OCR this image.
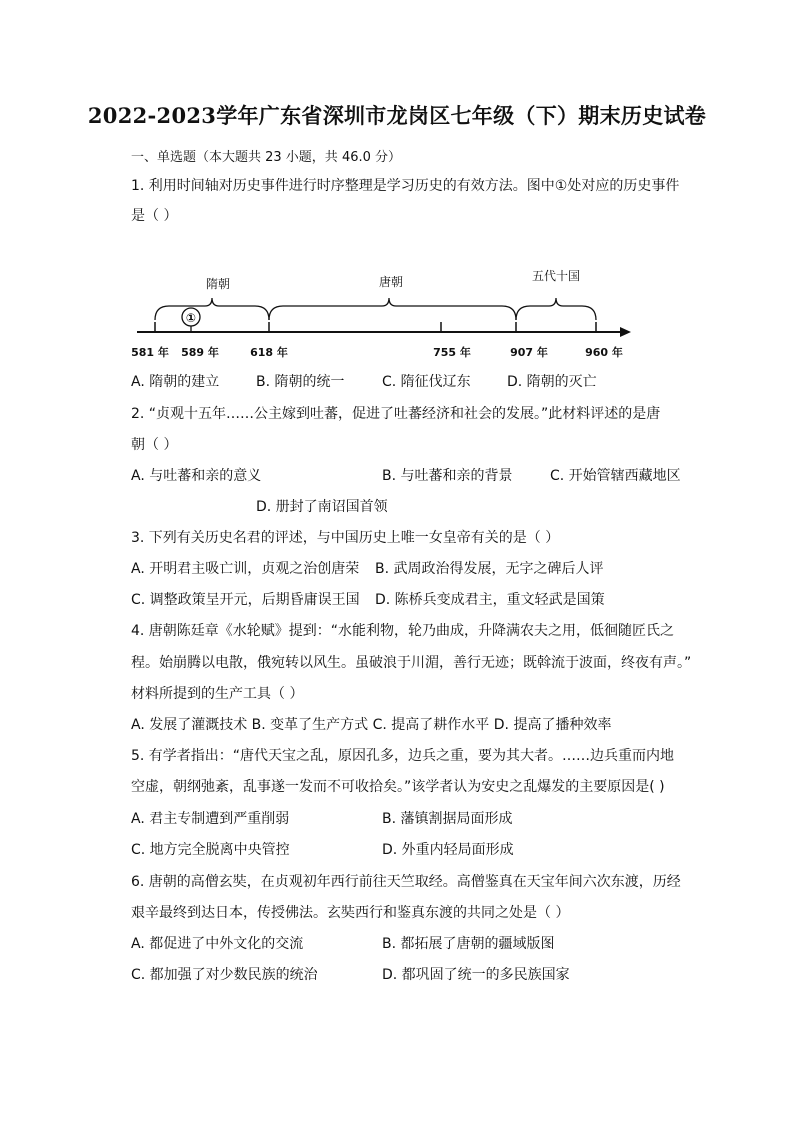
2022-2023学年广东省深圳市龙岗区七年级（下）期末历史试卷
一、单选题（本大题共 23 小题，共 46.0 分）
1. 利用时间轴对历史事件进行时序整理是学习历史的有效方法。图中①处对应的历史事件
是（ ）
隋朝	唐朝	五代十国
①
581 年 589 年	618 年	755 年	907 年	960 年
A. 隋朝的建立	B. 隋朝的统一	C. 隋征伐辽东	D. 隋朝的灭亡
2. “贞观十五年……公主嫁到吐蕃，促进了吐蕃经济和社会的发展。”此材料评述的是唐
朝（ ）
A. 与吐蕃和亲的意义	B. 与吐蕃和亲的背景	C. 开始管辖西藏地区
D. 册封了南诏国首领
3. 下列有关历史名君的评述，与中国历史上唯一女皇帝有关的是（ ）
A. 开明君主吸亡训，贞观之治创唐荣 B. 武周政治得发展，无字之碑后人评
C. 调整政策呈开元，后期昏庸误王国 D. 陈桥兵变成君主，重文轻武是国策
4. 唐朝陈廷章《水轮赋》提到：“水能利物，轮乃曲成，升降满农夫之用，低徊随匠氏之
程。始崩腾以电散，俄宛转以风生。虽破浪于川湄，善行无迹；既斡流于波面，终夜有声。”
材料所提到的生产工具（ ）
A. 发展了灌溉技术 B. 变革了生产方式 C. 提高了耕作水平 D. 提高了播种效率
5. 有学者指出：“唐代天宝之乱，原因孔多，边兵之重，要为其大者。……边兵重而内地
空虚，朝纲弛紊，乱事遂一发而不可收拾矣。”该学者认为安史之乱爆发的主要原因是( )
A. 君主专制遭到严重削弱	B. 藩镇割据局面形成
C. 地方完全脱离中央管控	D. 外重内轻局面形成
6. 唐朝的高僧玄奘，在贞观初年西行前往天竺取经。高僧鉴真在天宝年间六次东渡，历经
艰辛最终到达日本，传授佛法。玄奘西行和鉴真东渡的共同之处是（ ）
A. 都促进了中外文化的交流	B. 都拓展了唐朝的疆域版图
C. 都加强了对少数民族的统治	D. 都巩固了统一的多民族国家
